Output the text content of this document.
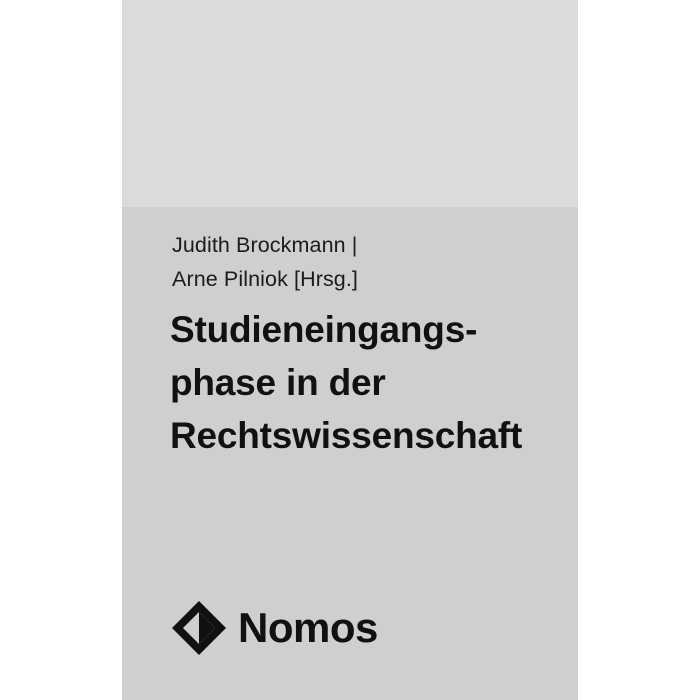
Judith Brockmann |
Arne Pilniok [Hrsg.]
Studieneingangs-
phase in der
Rechtswissenschaft
Nomos
